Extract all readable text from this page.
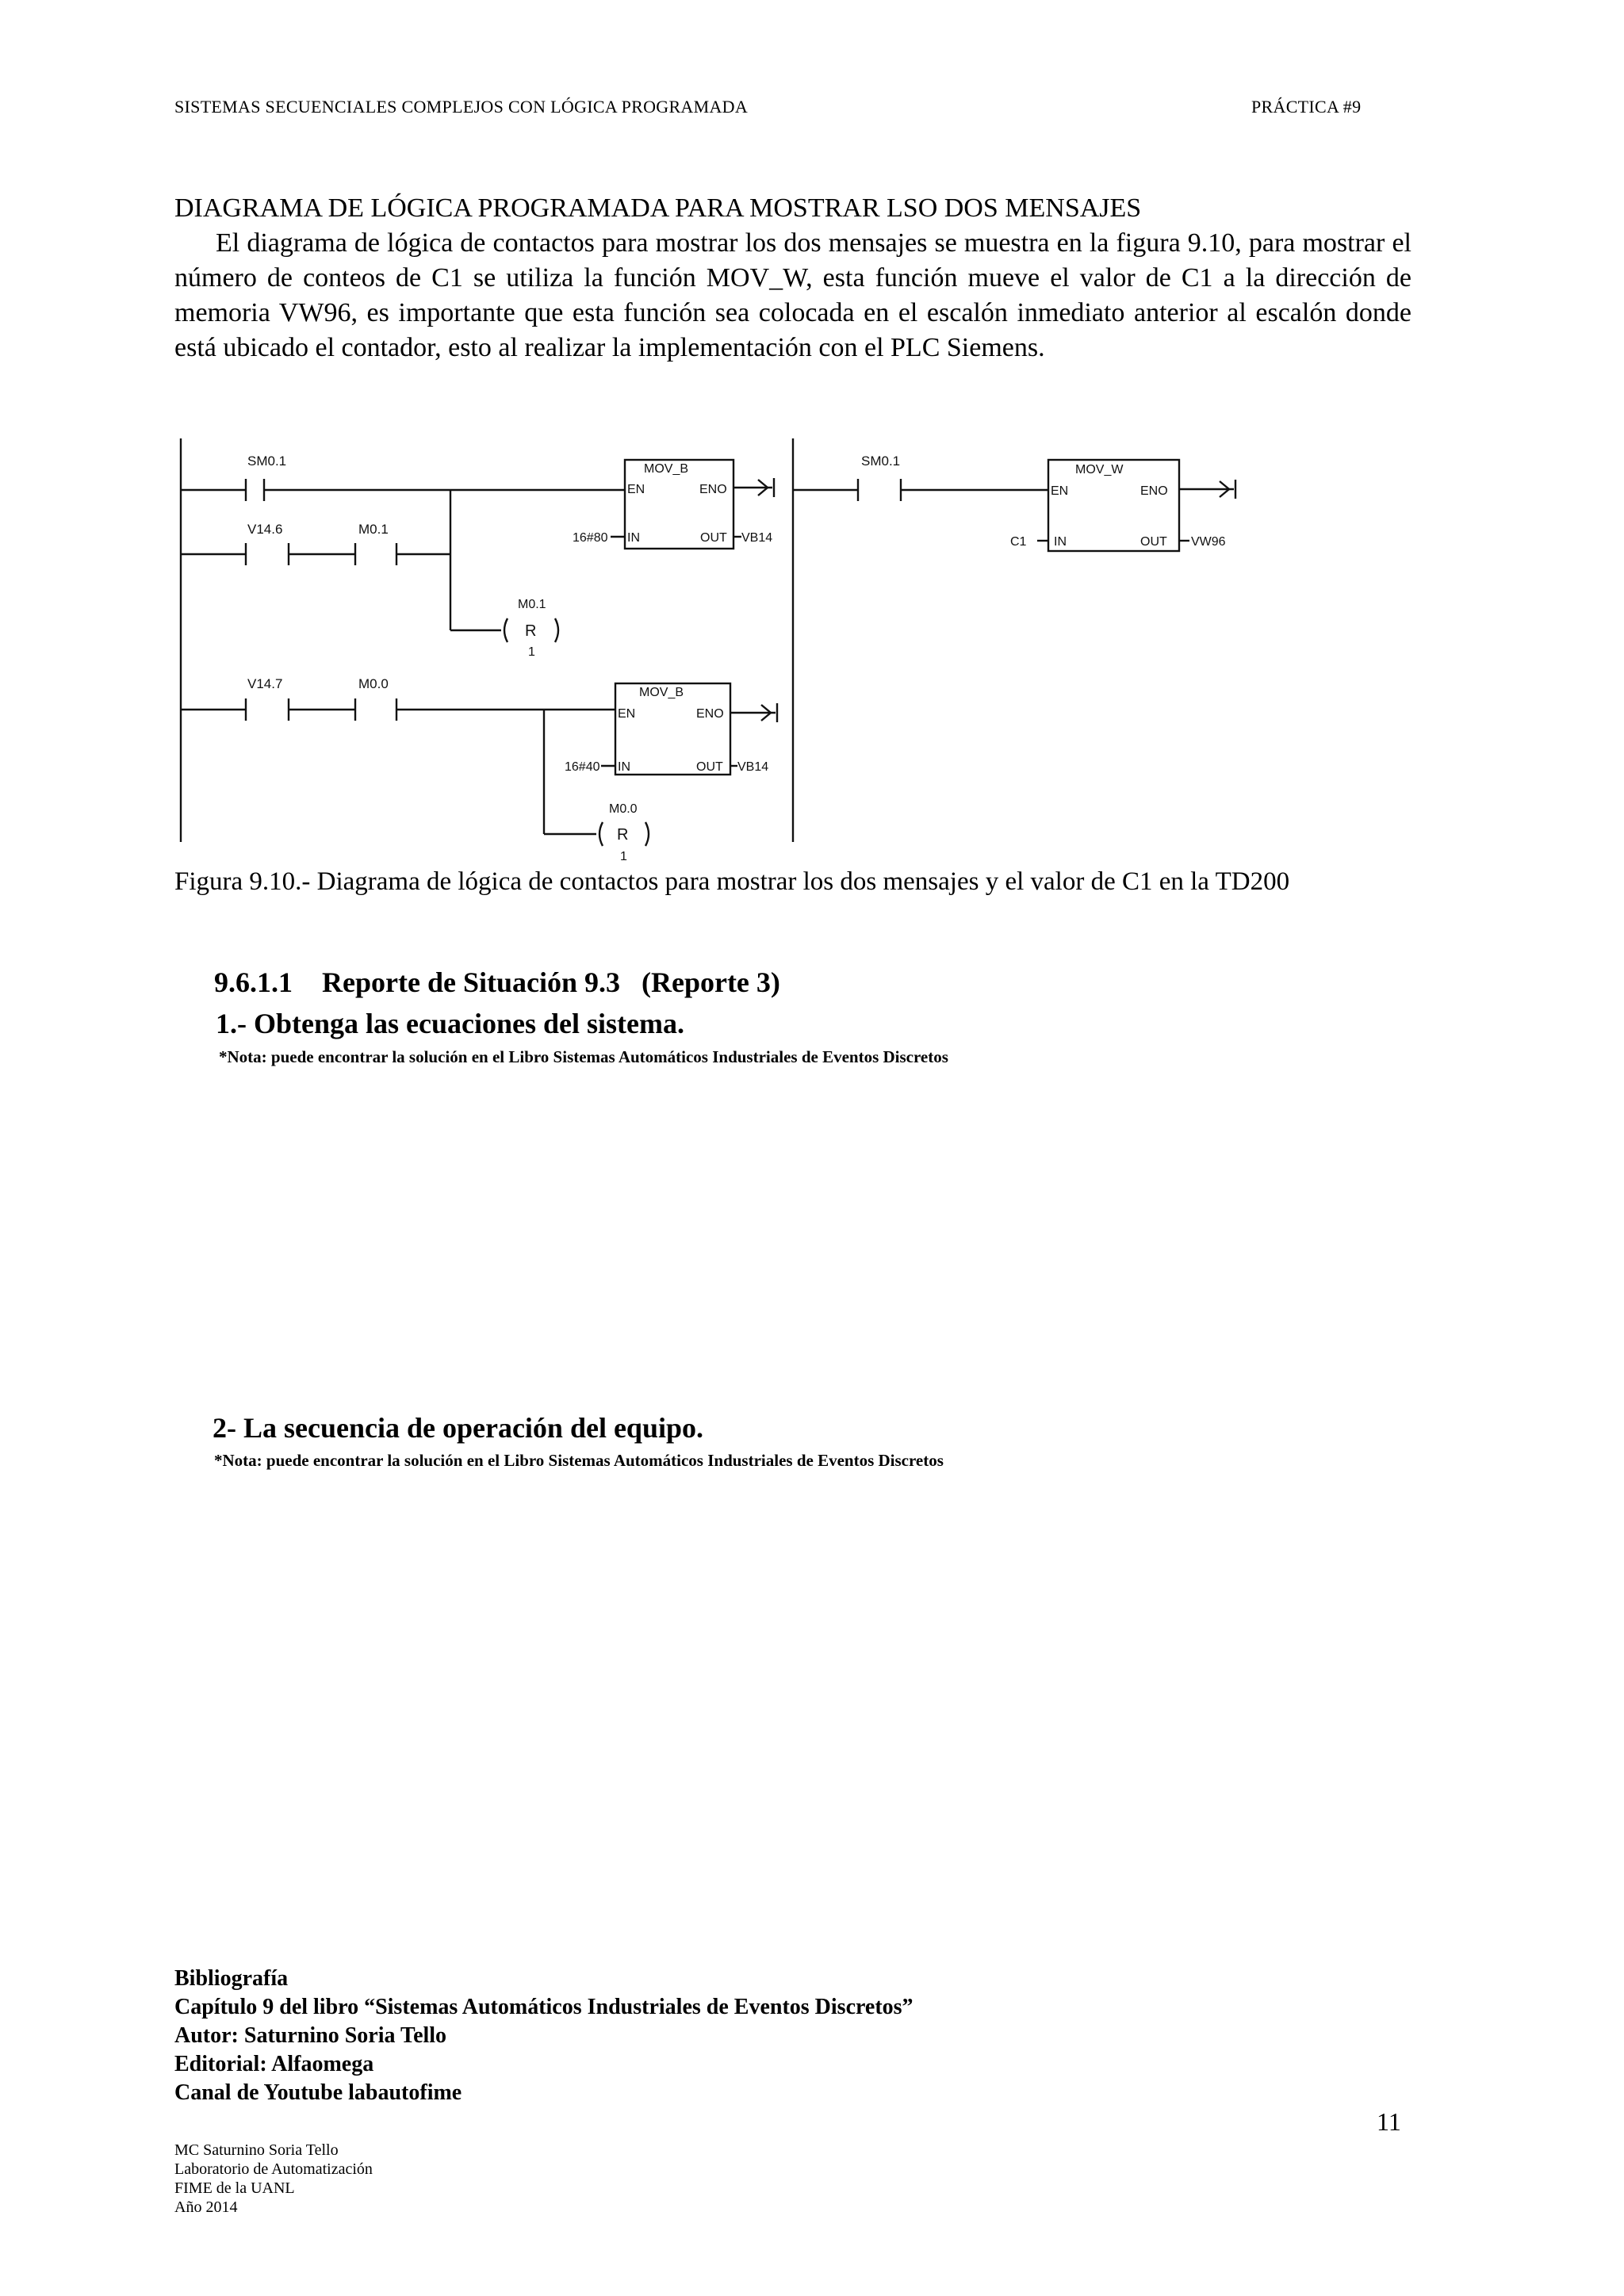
SISTEMAS SECUENCIALES COMPLEJOS CON LÓGICA PROGRAMADA	PRÁCTICA #9
DIAGRAMA DE LÓGICA PROGRAMADA PARA MOSTRAR LSO DOS MENSAJES
El diagrama de lógica de contactos para mostrar los dos mensajes se muestra en la figura 9.10, para mostrar el número de conteos de C1 se utiliza la función MOV_W, esta función mueve el valor de C1 a la dirección de memoria VW96, es importante que esta función sea colocada en el escalón inmediato anterior al escalón donde está ubicado el contador, esto al realizar la implementación con el PLC Siemens.
SM0.1
V14.6	M0.1
MOV_B
EN	ENO
16#80 IN	OUT VB14
M0.1
R
1
V14.7	M0.0
MOV_B
EN	ENO
16#40 IN	OUT VB14
M0.0
R
1
SM0.1
MOV_W
EN	ENO
C1 IN	OUT VW96
Figura 9.10.- Diagrama de lógica de contactos para mostrar los dos mensajes y el valor de C1 en la TD200
9.6.1.1 Reporte de Situación 9.3   (Reporte 3)
1.- Obtenga las ecuaciones del sistema.
*Nota: puede encontrar la solución en el Libro Sistemas Automáticos Industriales de Eventos Discretos
2- La secuencia de operación del equipo.
*Nota: puede encontrar la solución en el Libro Sistemas Automáticos Industriales de Eventos Discretos
Bibliografía
Capítulo 9 del libro “Sistemas Automáticos Industriales de Eventos Discretos”
Autor: Saturnino Soria Tello
Editorial: Alfaomega
Canal de Youtube labautofime
11
MC Saturnino Soria Tello
Laboratorio de Automatización
FIME de la UANL
Año 2014
